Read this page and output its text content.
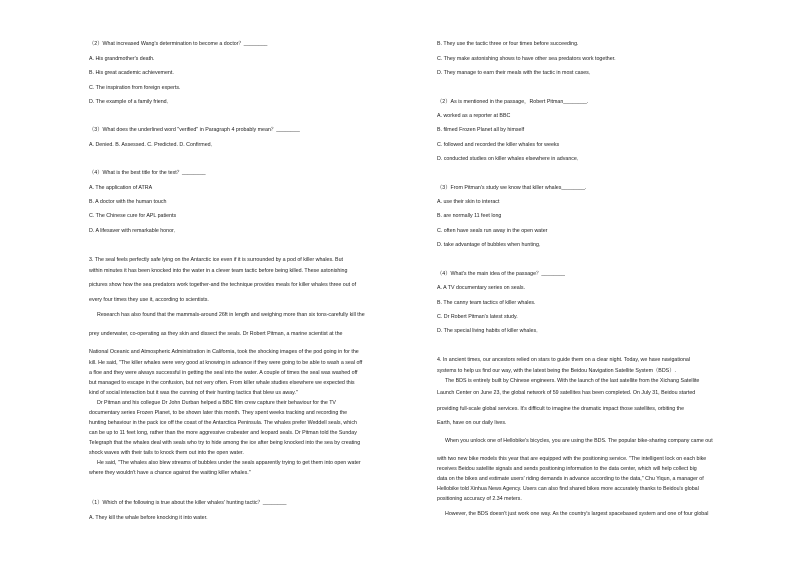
（2）What increased Wang's determination to become a doctor？________
A. His grandmother's death.
B. His great academic achievement.
C. The inspiration from foreign experts.
D. The example of a family friend．
（3）What does the underlined word "verified" in Paragraph 4 probably mean？________
A. Denied. B. Assessed. C. Predicted. D. Confirmed．
（4）What is the best title for the text？________
A. The application of ATRA
B. A doctor with the human touch
C. The Chinese cure for APL patients
D. A lifesaver with remarkable honor．
3. The seal feels perfectly safe lying on the Antarctic ice even if it is surrounded by a pod of killer whales. But
within minutes it has been knocked into the water in a clever team tactic before being killed. These astonishing
pictures show how the sea predators work together-and the technique provides meals for killer whales three out of
every four times they use it, according to scientists.
Research has also found that the mammals-around 26ft in length and weighing more than six tons-carefully kill the
prey underwater, co-operating as they skin and dissect the seals. Dr Robert Pitman, a marine scientist at the
National Oceanic and Atmospheric Administration in California, took the shocking images of the pod going in for the
kill. He said, "The killer whales were very good at knowing in advance if they were going to be able to wash a seal off
a floe and they were always successful in getting the seal into the water. A couple of times the seal was washed off
but managed to escape in the confusion, but not very often. From killer whale studies elsewhere we expected this
kind of social interaction but it was the cunning of their hunting tactics that blew us away."
Dr Pitman and his collegue Dr John Durban helped a BBC film crew capture their behaviour for the TV
documentary series Frozen Planet, to be shown later this month. They spent weeks tracking and recording the
hunting behaviour in the pack ice off the coast of the Antarctica Peninsula. The whales prefer Weddell seals, which
can be up to 11 feet long, rather than the more aggressive crabeater and leopard seals. Dr Pitman told the Sunday
Telegraph that the whales deal with seals who try to hide among the ice after being knocked into the sea by creating
shock waves with their tails to knock them out into the open water.
He said, "The whales also blew streams of bubbles under the seals apparently trying to get them into open water
where they wouldn't have a chance against the waiting killer whales."
（1）Which of the following is true about the killer whales' hunting tactic？________
A. They kill the whale before knocking it into water.
B. They use the tactic three or four times before succeeding.
C. They make astonishing shows to have other sea predators work together.
D. They manage to earn their meals with the tactic in most cases．
（2）As is mentioned in the passage，Robert Pitman________.
A. worked as a reporter at BBC
B. filmed Frozen Planet all by himself
C. followed and recorded the killer whales for weeks
D. conducted studies on killer whales elsewhere in advance．
（3）From Pitman's study we know that killer whales________.
A. use their skin to interact
B. are normally 11 feet long
C. often have seals run away in the open water
D. take advantage of bubbles when hunting．
（4）What's the main idea of the passage？________
A. A TV documentary series on seals.
B. The canny team tactics of killer whales.
C. Dr Robert Pitman's latest study.
D. The special living habits of killer whales．
4. In ancient times, our ancestors relied on stars to guide them on a clear night. Today, we have navigational
systems to help us find our way, with the latest being the Beidou Navigation Satellite System（BDS）.
The BDS is entirely built by Chinese engineers. With the launch of the last satellite from the Xichang Satellite
Launch Center on June 23, the global network of 59 satellites has been completed. On July 31, Beidou started
providing full-scale global services. It's difficult to imagine the dramatic impact those satellites, orbiting the
Earth, have on our daily lives.
When you unlock one of Hellobike's bicycles, you are using the BDS. The popular bike-sharing company came out
with two new bike models this year that are equipped with the positioning service. "The intelligent lock on each bike
receives Beidou satellite signals and sends positioning information to the data center, which will help collect big
data on the bikes and estimate users' riding demands in advance according to the data," Chu Yiqun, a manager of
Hellobike told Xinhua News Agency. Users can also find shared bikes more accurately thanks to Beidou's global
positioning accuracy of 2.34 meters.
However, the BDS doesn't just work one way. As the country's largest spacebased system and one of four global
